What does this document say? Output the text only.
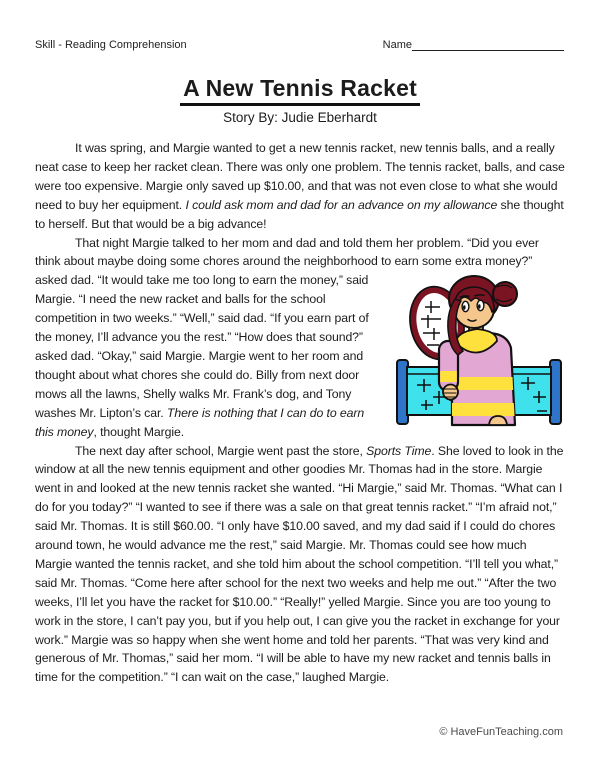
Skill - Reading Comprehension	Name
A New Tennis Racket
Story By: Judie Eberhardt

It was spring, and Margie wanted to get a new tennis racket, new tennis balls, and a really neat case to keep her racket clean. There was only one problem. The tennis racket, balls, and case were too expensive. Margie only saved up $10.00, and that was not even close to what she would need to buy her equipment. I could ask mom and dad for an advance on my allowance she thought to herself. But that would be a big advance!

That night Margie talked to her mom and dad and told them her problem. “Did you ever think about maybe doing some chores around the neighborhood to earn some extra money?”
asked dad. “It would take me too long to earn the money,” said Margie. “I need the new racket and balls for the school competition in two weeks.” “Well,” said dad. “If you earn part of the money, I’ll advance you the rest.” “How does that sound?” asked dad. “Okay,” said Margie. Margie went to her room and thought about what chores she could do. Billy from next door mows all the lawns, Shelly walks Mr. Frank’s dog, and Tony washes Mr. Lipton’s car. There is nothing that I can do to earn this money, thought Margie.

The next day after school, Margie went past the store, Sports Time. She loved to look in the window at all the new tennis equipment and other goodies Mr. Thomas had in the store. Margie went in and looked at the new tennis racket she wanted. “Hi Margie,” said Mr. Thomas. “What can I do for you today?” “I wanted to see if there was a sale on that great tennis racket.” “I’m afraid not,” said Mr. Thomas. It is still $60.00. “I only have $10.00 saved, and my dad said if I could do chores around town, he would advance me the rest,” said Margie. Mr. Thomas could see how much Margie wanted the tennis racket, and she told him about the school competition. “I’ll tell you what,” said Mr. Thomas. “Come here after school for the next two weeks and help me out.” “After the two weeks, I’ll let you have the racket for $10.00.” “Really!” yelled Margie. Since you are too young to work in the store, I can’t pay you, but if you help out, I can give you the racket in exchange for your work.” Margie was so happy when she went home and told her parents. “That was very kind and generous of Mr. Thomas,” said her mom. “I will be able to have my new racket and tennis balls in time for the competition.” “I can wait on the case,” laughed Margie.

© HaveFunTeaching.com
